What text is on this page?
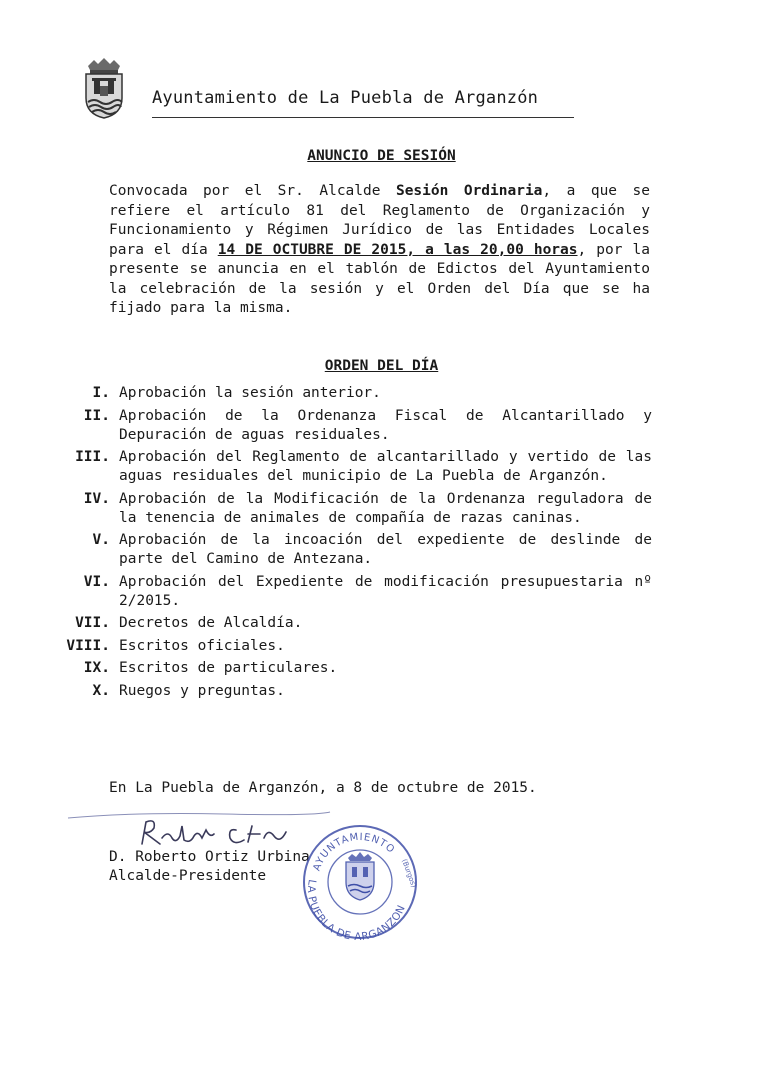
Ayuntamiento de La Puebla de Arganzón
ANUNCIO DE SESIÓN
Convocada por el Sr. Alcalde Sesión Ordinaria, a que se refiere el artículo 81 del Reglamento de Organización y Funcionamiento y Régimen Jurídico de las Entidades Locales para el día 14 DE OCTUBRE DE 2015, a las 20,00 horas, por la presente se anuncia en el tablón de Edictos del Ayuntamiento la celebración de la sesión y el Orden del Día que se ha fijado para la misma.
ORDEN DEL DÍA
I. Aprobación la sesión anterior.
II. Aprobación de la Ordenanza Fiscal de Alcantarillado y Depuración de aguas residuales.
III. Aprobación del Reglamento de alcantarillado y vertido de las aguas residuales del municipio de La Puebla de Arganzón.
IV. Aprobación de la Modificación de la Ordenanza reguladora de la tenencia de animales de compañía de razas caninas.
V. Aprobación de la incoación del expediente de deslinde de parte del Camino de Antezana.
VI. Aprobación del Expediente de modificación presupuestaria nº 2/2015.
VII. Decretos de Alcaldía.
VIII. Escritos oficiales.
IX. Escritos de particulares.
X. Ruegos y preguntas.
En La Puebla de Arganzón, a 8 de octubre de 2015.
D. Roberto Ortiz Urbina
Alcalde-Presidente
AYUNTAMIENTO
LA PUEBLA DE ARGANZON
(Burgos)
